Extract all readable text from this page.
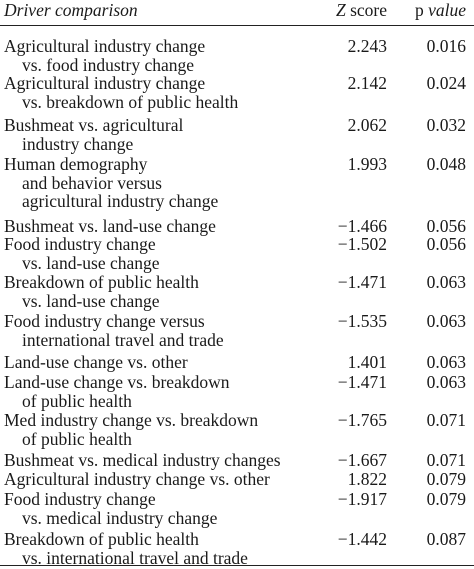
Driver comparison	Z score p value
Agricultural industry change
vs. food industry change
2.243 0.016
Agricultural industry change
vs. breakdown of public health
2.142 0.024
Bushmeat vs. agricultural
industry change
2.062 0.032
Human demography
and behavior versus
agricultural industry change
1.993 0.048
Bushmeat vs. land-use change	−1.466 0.056
Food industry change
vs. land-use change
−1.502 0.056
Breakdown of public health
vs. land-use change
−1.471 0.063
Food industry change versus
international travel and trade
−1.535 0.063
Land-use change vs. other	1.401 0.063
Land-use change vs. breakdown
of public health
−1.471 0.063
Med industry change vs. breakdown
of public health
−1.765 0.071
Bushmeat vs. medical industry changes	−1.667 0.071
Agricultural industry change vs. other	1.822 0.079
Food industry change
vs. medical industry change
−1.917 0.079
Breakdown of public health
vs. international travel and trade
−1.442 0.087
